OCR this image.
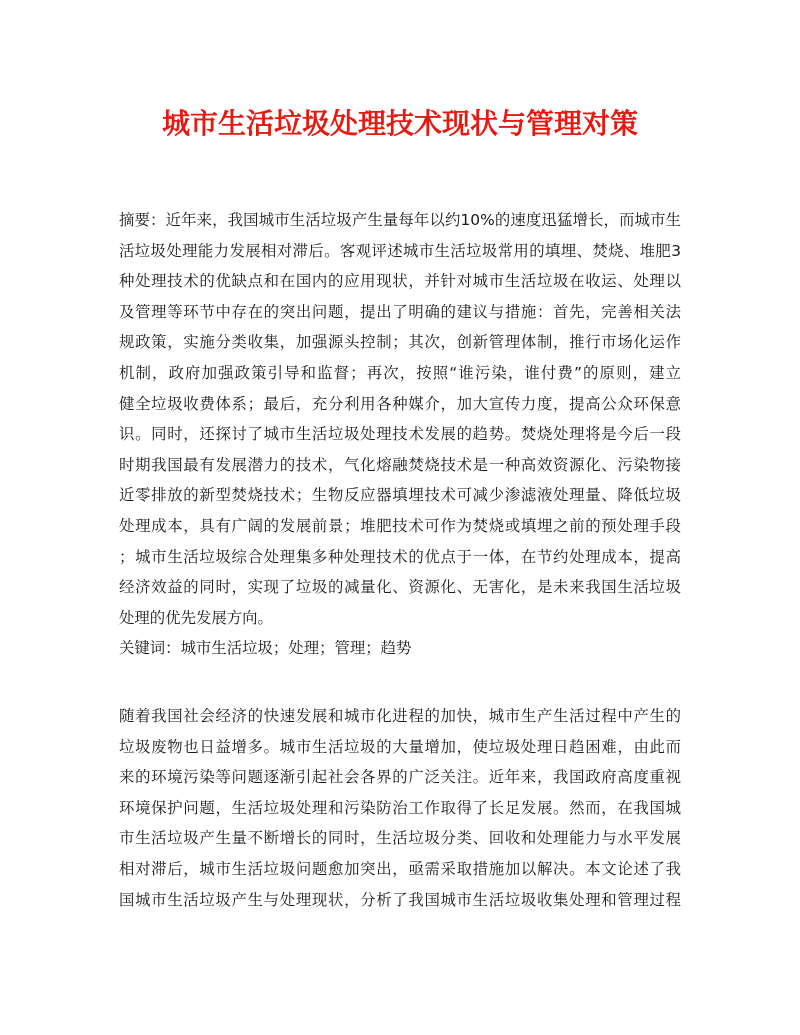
城市生活垃圾处理技术现状与管理对策
摘要：近年来，我国城市生活垃圾产生量每年以约10%的速度迅猛增长，而城市生
活垃圾处理能力发展相对滞后。客观评述城市生活垃圾常用的填埋、焚烧、堆肥3
种处理技术的优缺点和在国内的应用现状，并针对城市生活垃圾在收运、处理以
及管理等环节中存在的突出问题，提出了明确的建议与措施：首先，完善相关法
规政策，实施分类收集，加强源头控制；其次，创新管理体制，推行市场化运作
机制，政府加强政策引导和监督；再次，按照“谁污染，谁付费”的原则，建立
健全垃圾收费体系；最后，充分利用各种媒介，加大宣传力度，提高公众环保意
识。同时，还探讨了城市生活垃圾处理技术发展的趋势。焚烧处理将是今后一段
时期我国最有发展潜力的技术，气化熔融焚烧技术是一种高效资源化、污染物接
近零排放的新型焚烧技术；生物反应器填埋技术可减少渗滤液处理量、降低垃圾
处理成本，具有广阔的发展前景；堆肥技术可作为焚烧或填埋之前的预处理手段
；城市生活垃圾综合处理集多种处理技术的优点于一体，在节约处理成本，提高
经济效益的同时，实现了垃圾的减量化、资源化、无害化，是未来我国生活垃圾
处理的优先发展方向。
关键词：城市生活垃圾；处理；管理；趋势
随着我国社会经济的快速发展和城市化进程的加快，城市生产生活过程中产生的
垃圾废物也日益增多。城市生活垃圾的大量增加，使垃圾处理日趋困难，由此而
来的环境污染等问题逐渐引起社会各界的广泛关注。近年来，我国政府高度重视
环境保护问题，生活垃圾处理和污染防治工作取得了长足发展。然而，在我国城
市生活垃圾产生量不断增长的同时，生活垃圾分类、回收和处理能力与水平发展
相对滞后，城市生活垃圾问题愈加突出，亟需采取措施加以解决。本文论述了我
国城市生活垃圾产生与处理现状，分析了我国城市生活垃圾收集处理和管理过程
